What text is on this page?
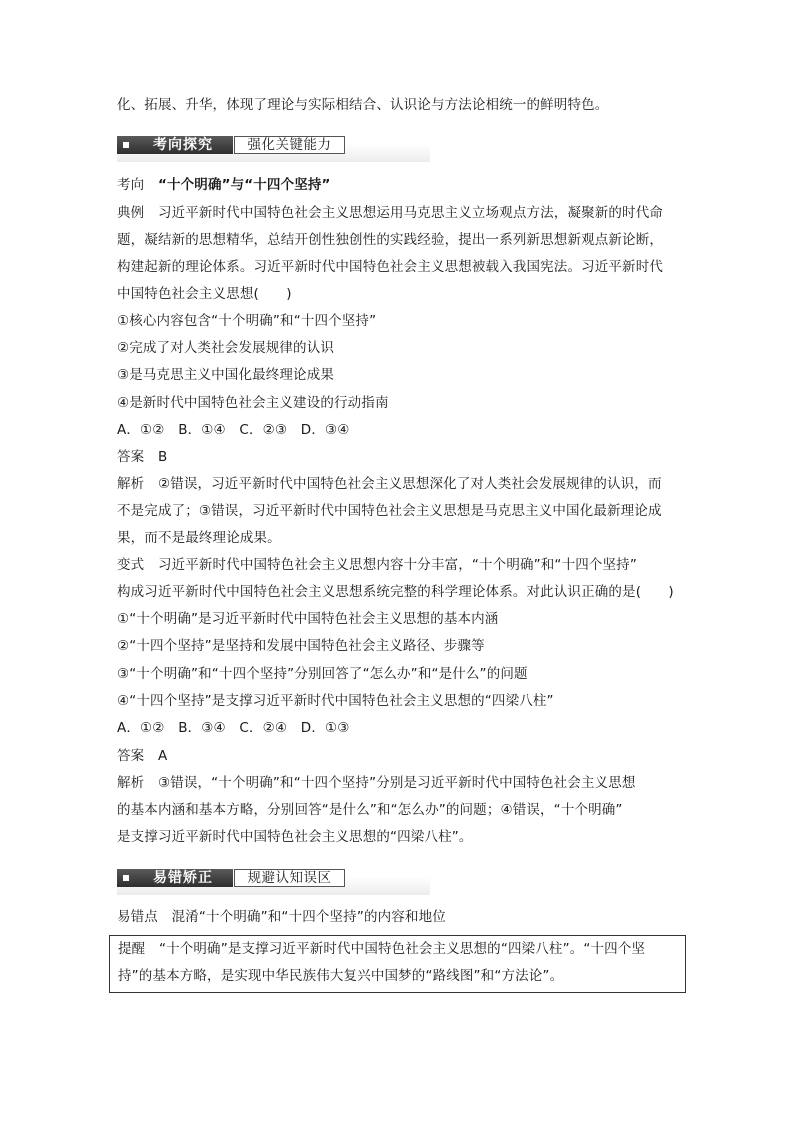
化、拓展、升华，体现了理论与实际相结合、认识论与方法论相统一的鲜明特色。
考向探究	强化关键能力
考向　 “十个明确”与“十四个坚持”
典例　习近平新时代中国特色社会主义思想运用马克思主义立场观点方法，凝聚新的时代命
题，凝结新的思想精华，总结开创性独创性的实践经验，提出一系列新思想新观点新论断，
构建起新的理论体系。习近平新时代中国特色社会主义思想被载入我国宪法。习近平新时代
中国特色社会主义思想(　　)
①核心内容包含“十个明确”和“十四个坚持”
②完成了对人类社会发展规律的认识
③是马克思主义中国化最终理论成果
④是新时代中国特色社会主义建设的行动指南
A．①②　B．①④　C．②③　D．③④
答案　B
解析　②错误，习近平新时代中国特色社会主义思想深化了对人类社会发展规律的认识，而
不是完成了；③错误，习近平新时代中国特色社会主义思想是马克思主义中国化最新理论成
果，而不是最终理论成果。
变式　习近平新时代中国特色社会主义思想内容十分丰富，“十个明确”和“十四个坚持”
构成习近平新时代中国特色社会主义思想系统完整的科学理论体系。对此认识正确的是(　　)
①“十个明确”是习近平新时代中国特色社会主义思想的基本内涵
②“十四个坚持”是坚持和发展中国特色社会主义路径、步骤等
③“十个明确”和“十四个坚持”分别回答了“怎么办”和“是什么”的问题
④“十四个坚持”是支撑习近平新时代中国特色社会主义思想的“四梁八柱”
A．①②　B．③④　C．②④　D．①③
答案　A
解析　③错误，“十个明确”和“十四个坚持”分别是习近平新时代中国特色社会主义思想
的基本内涵和基本方略，分别回答“是什么”和“怎么办”的问题；④错误，“十个明确”
是支撑习近平新时代中国特色社会主义思想的“四梁八柱”。
易错矫正	规避认知误区
易错点　混淆“十个明确”和“十四个坚持”的内容和地位
提醒　“十个明确”是支撑习近平新时代中国特色社会主义思想的“四梁八柱”。“十四个坚
持”的基本方略，是实现中华民族伟大复兴中国梦的“路线图”和“方法论”。
